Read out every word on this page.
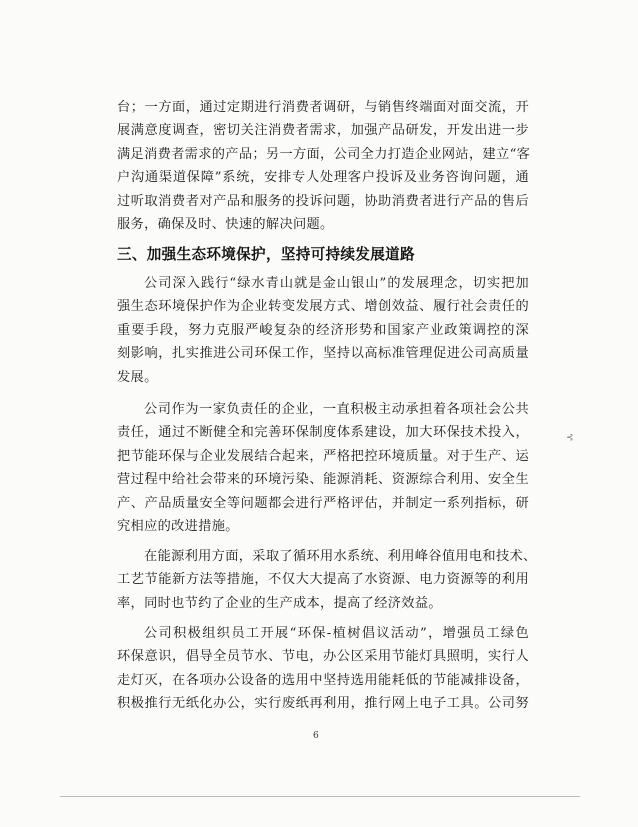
台；一方面，通过定期进行消费者调研，与销售终端面对面交流，开
展满意度调查，密切关注消费者需求，加强产品研发，开发出进一步
满足消费者需求的产品；另一方面，公司全力打造企业网站，建立“客
户沟通渠道保障”系统，安排专人处理客户投诉及业务咨询问题，通
过听取消费者对产品和服务的投诉问题，协助消费者进行产品的售后
服务，确保及时、快速的解决问题。
三、加强生态环境保护，坚持可持续发展道路
公司深入践行“绿水青山就是金山银山”的发展理念，切实把加
强生态环境保护作为企业转变发展方式、增创效益、履行社会责任的
重要手段，努力克服严峻复杂的经济形势和国家产业政策调控的深
刻影响，扎实推进公司环保工作，坚持以高标准管理促进公司高质量
发展。
公司作为一家负责任的企业，一直积极主动承担着各项社会公共
责任，通过不断健全和完善环保制度体系建设，加大环保技术投入，
把节能环保与企业发展结合起来，严格把控环境质量。对于生产、运
营过程中给社会带来的环境污染、能源消耗、资源综合利用、安全生
产、产品质量安全等问题都会进行严格评估，并制定一系列指标，研
究相应的改进措施。
在能源利用方面，采取了循环用水系统、利用峰谷值用电和技术、
工艺节能新方法等措施，不仅大大提高了水资源、电力资源等的利用
率，同时也节约了企业的生产成本，提高了经济效益。
公司积极组织员工开展“环保-植树倡议活动”，增强员工绿色
环保意识，倡导全员节水、节电，办公区采用节能灯具照明，实行人
走灯灭，在各项办公设备的选用中坚持选用能耗低的节能减排设备，
积极推行无纸化办公，实行废纸再利用，推行网上电子工具。公司努
⊰
6
